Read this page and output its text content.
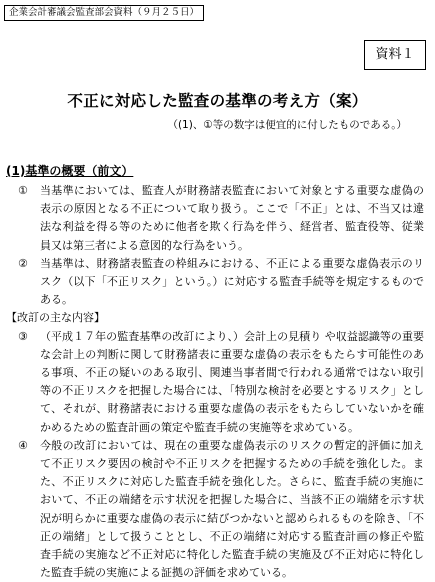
企業会計審議会監査部会資料（９月２５日）
資料１
不正に対応した監査の基準の考え方（案）
（(1)、①等の数字は便宜的に付したものである。）
(1)基準の概要（前文）
①	当基準においては、監査人が財務諸表監査において対象とする重要な虚偽の表示の原因となる不正について取り扱う。ここで「不正」とは、不当又は違法な利益を得る等のために他者を欺く行為を伴う、経営者、監査役等、従業員又は第三者による意図的な行為をいう。
②	当基準は、財務諸表監査の枠組みにおける、不正による重要な虚偽表示のリスク（以下「不正リスク」という。）に対応する監査手続等を規定するものである。
【改訂の主な内容】
③	（平成１７年の監査基準の改訂により、）会計上の見積り や収益認識等の重要な会計上の判断に関して財務諸表に重要な虚偽の表示をもたらす可能性のある事項、不正の疑いのある取引、関連当事者間で行われる通常ではない取引等の不正リスクを把握した場合には、「特別な検討を必要とするリスク」として、それが、財務諸表における重要な虚偽の表示をもたらしていないかを確かめるための監査計画の策定や監査手続の実施等を求めている。
④	今般の改訂においては、現在の重要な虚偽表示のリスクの暫定的評価に加えて不正リスク要因の検討や不正リスクを把握するための手続を強化した。また、不正リスクに対応した監査手続を強化した。さらに、監査手続の実施において、不正の端緒を示す状況を把握した場合に、当該不正の端緒を示す状況が明らかに重要な虚偽の表示に結びつかないと認められるものを除き、「不正の端緒」として扱うこととし、不正の端緒に対応する監査計画の修正や監査手続の実施など不正対応に特化した監査手続の実施及び不正対応に特化した監査手続の実施による証拠の評価を求めている。
